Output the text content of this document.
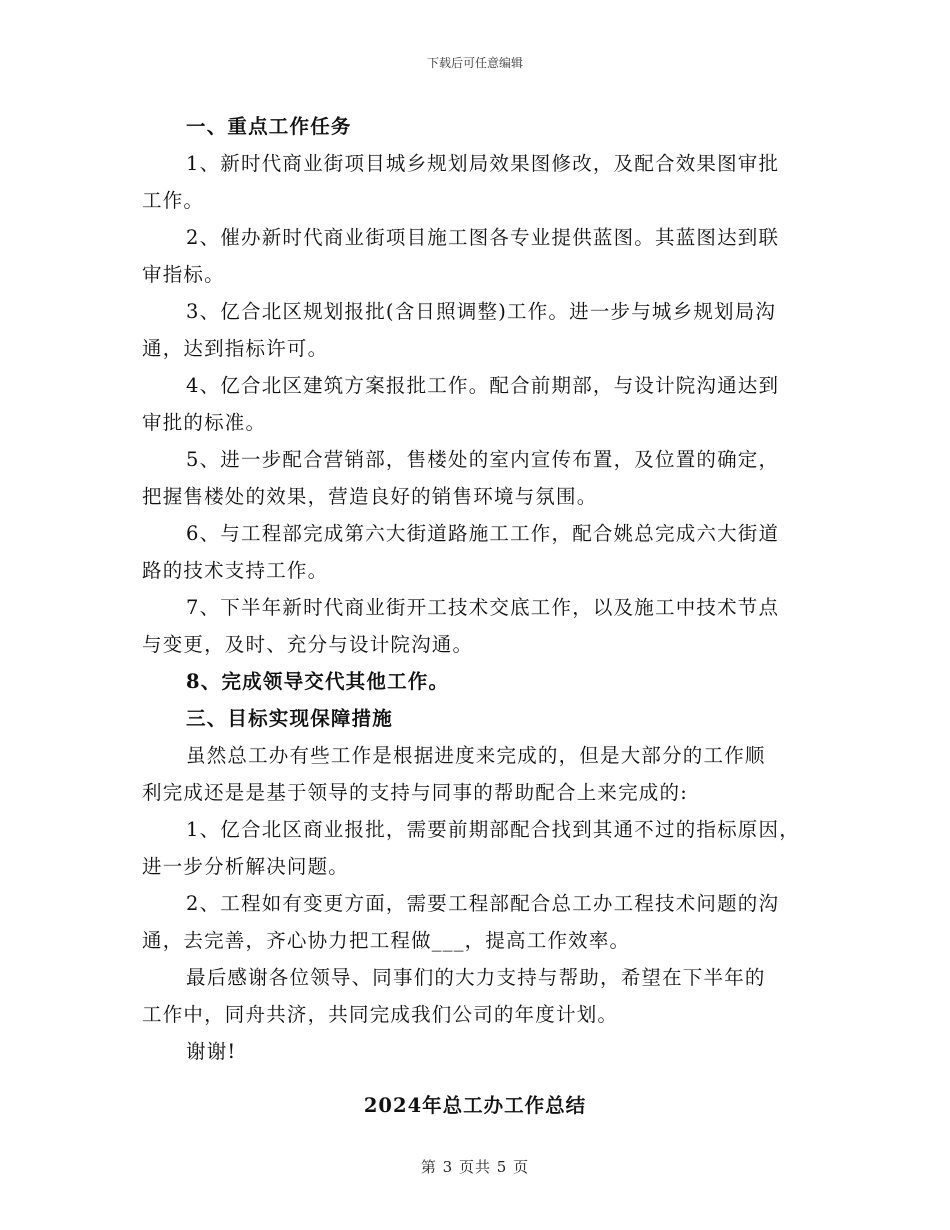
下载后可任意编辑
一、重点工作任务
1、新时代商业街项目城乡规划局效果图修改，及配合效果图审批
工作。
2、催办新时代商业街项目施工图各专业提供蓝图。其蓝图达到联
审指标。
3、亿合北区规划报批(含日照调整)工作。进一步与城乡规划局沟
通，达到指标许可。
4、亿合北区建筑方案报批工作。配合前期部，与设计院沟通达到
审批的标准。
5、进一步配合营销部，售楼处的室内宣传布置，及位置的确定，
把握售楼处的效果，营造良好的销售环境与氛围。
6、与工程部完成第六大街道路施工工作，配合姚总完成六大街道
路的技术支持工作。
7、下半年新时代商业街开工技术交底工作，以及施工中技术节点
与变更，及时、充分与设计院沟通。
8、完成领导交代其他工作。
三、目标实现保障措施
虽然总工办有些工作是根据进度来完成的，但是大部分的工作顺
利完成还是是基于领导的支持与同事的帮助配合上来完成的:
1、亿合北区商业报批，需要前期部配合找到其通不过的指标原因，
进一步分析解决问题。
2、工程如有变更方面，需要工程部配合总工办工程技术问题的沟
通，去完善，齐心协力把工程做___，提高工作效率。
最后感谢各位领导、同事们的大力支持与帮助，希望在下半年的
工作中，同舟共济，共同完成我们公司的年度计划。
谢谢!
2024年总工办工作总结
第 3 页共 5 页
